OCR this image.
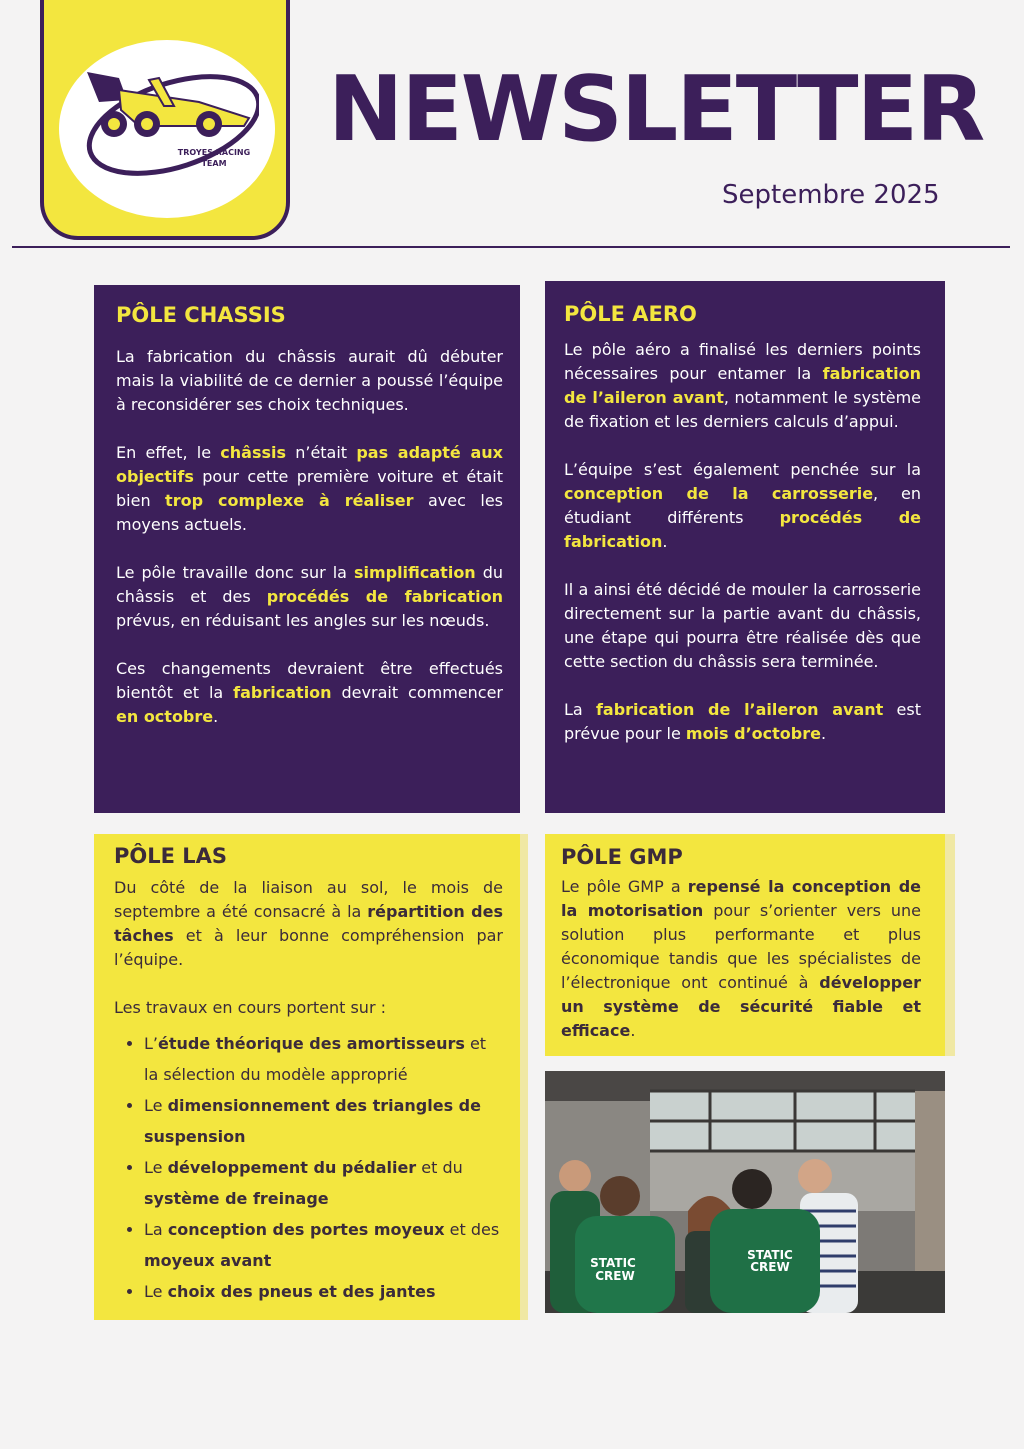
TROYES RACING
TEAM
NEWSLETTER
Septembre 2025
PÔLE CHASSIS

La fabrication du châssis aurait dû débuter mais la viabilité de ce dernier a poussé l’équipe à reconsidérer ses choix techniques.

En effet, le châssis n’était pas adapté aux objectifs pour cette première voiture et était bien trop complexe à réaliser avec les moyens actuels.

Le pôle travaille donc sur la simplification du châssis et des procédés de fabrication prévus, en réduisant les angles sur les nœuds.

Ces changements devraient être effectués bientôt et la fabrication devrait commencer en octobre.

PÔLE AERO

Le pôle aéro a finalisé les derniers points nécessaires pour entamer la fabrication de l’aileron avant, notamment le système de fixation et les derniers calculs d’appui.

L’équipe s’est également penchée sur la conception de la carrosserie, en étudiant différents procédés de fabrication.

Il a ainsi été décidé de mouler la carrosserie directement sur la partie avant du châssis, une étape qui pourra être réalisée dès que cette section du châssis sera terminée.

La fabrication de l’aileron avant est prévue pour le mois d’octobre.

PÔLE LAS

Du côté de la liaison au sol, le mois de septembre a été consacré à la répartition des tâches et à leur bonne compréhension par l’équipe.

Les travaux en cours portent sur :

• L’étude théorique des amortisseurs et la sélection du modèle approprié
• Le dimensionnement des triangles de suspension
• Le développement du pédalier et du système de freinage
• La conception des portes moyeux et des moyeux avant
• Le choix des pneus et des jantes
PÔLE GMP

Le pôle GMP a repensé la conception de la motorisation pour s’orienter vers une solution plus performante et plus économique tandis que les spécialistes de l’électronique ont continué à développer un système de sécurité fiable et efficace.

STATIC
CREW
STATIC
CREW
